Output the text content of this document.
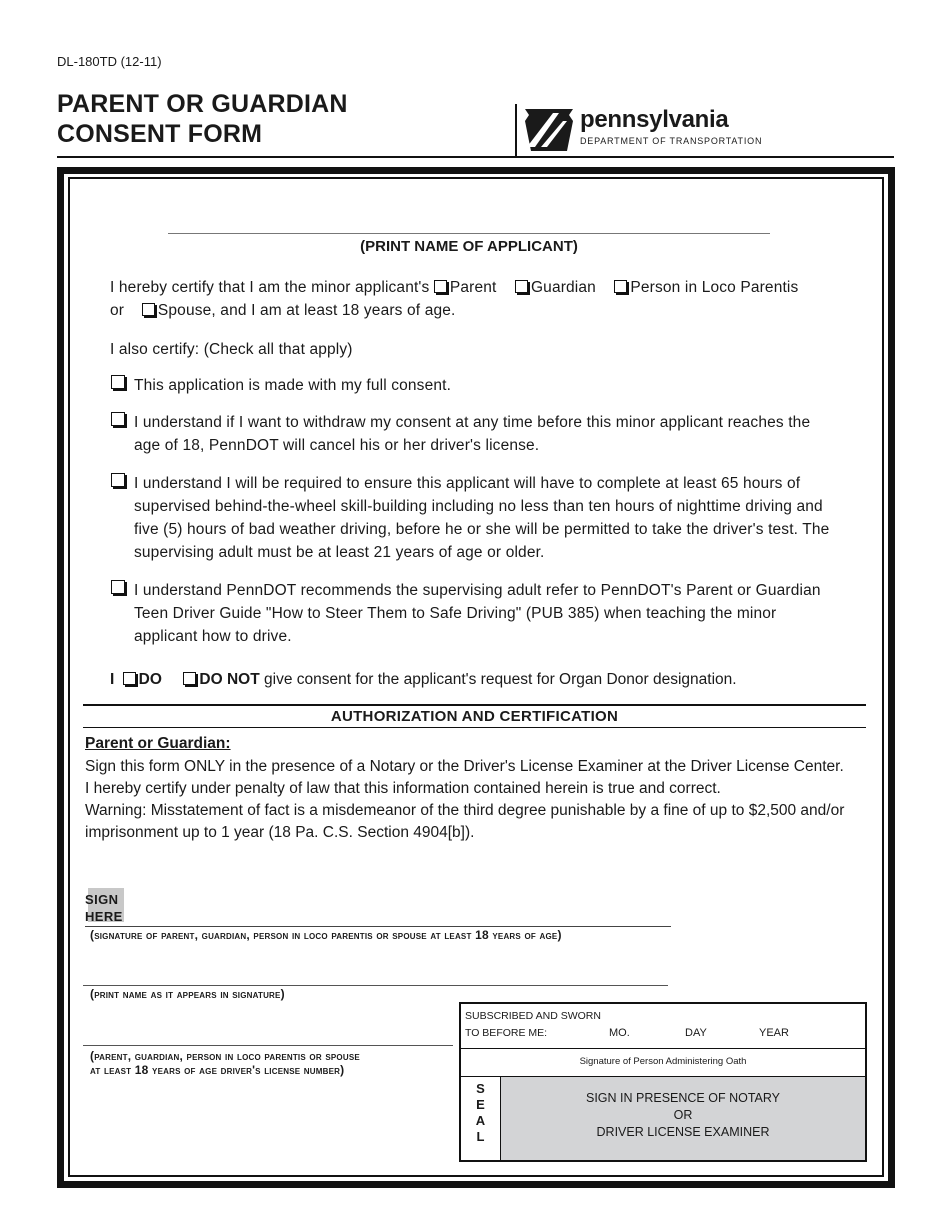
DL-180TD (12-11)
PARENT OR GUARDIAN
CONSENT FORM
pennsylvania
DEPARTMENT OF TRANSPORTATION
(PRINT NAME OF APPLICANT)
I hereby certify that I am the minor applicant's Parent Guardian Person in Loco Parentis
or Spouse, and I am at least 18 years of age.
I also certify: (Check all that apply)
This application is made with my full consent.
I understand if I want to withdraw my consent at any time before this minor applicant reaches the age of 18, PennDOT will cancel his or her driver's license.
I understand I will be required to ensure this applicant will have to complete at least 65 hours of supervised behind-the-wheel skill-building including no less than ten hours of nighttime driving and five (5) hours of bad weather driving, before he or she will be permitted to take the driver's test. The supervising adult must be at least 21 years of age or older.
I understand PennDOT recommends the supervising adult refer to PennDOT's Parent or Guardian Teen Driver Guide "How to Steer Them to Safe Driving" (PUB 385) when teaching the minor applicant how to drive.
I DO DO NOT give consent for the applicant's request for Organ Donor designation.
AUTHORIZATION AND CERTIFICATION
Parent or Guardian:
Sign this form ONLY in the presence of a Notary or the Driver's License Examiner at the Driver License Center.
I hereby certify under penalty of law that this information contained herein is true and correct.
Warning: Misstatement of fact is a misdemeanor of the third degree punishable by a fine of up to $2,500 and/or imprisonment up to 1 year (18 Pa. C.S. Section 4904[b]).
SIGN
HERE
(signature of parent, guardian, person in loco parentis or spouse at least 18 years of age)
(print name as it appears in signature)
(parent, guardian, person in loco parentis or spouse
at least 18 years of age driver's license number)
SUBSCRIBED AND SWORN
TO BEFORE ME:	MO.	DAY	YEAR
Signature of Person Administering Oath
S
E
A
L
SIGN IN PRESENCE OF NOTARY
OR
DRIVER LICENSE EXAMINER
